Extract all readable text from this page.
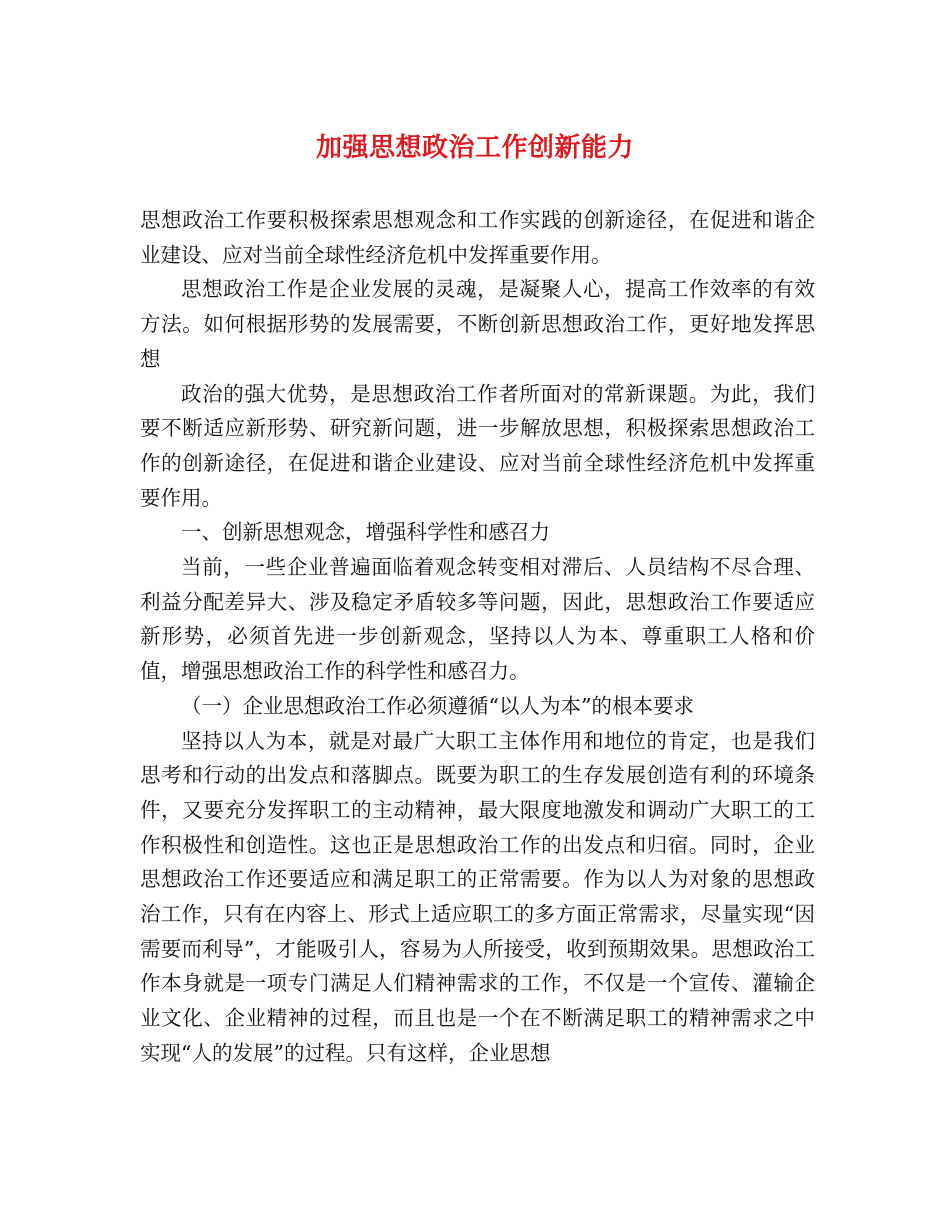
加强思想政治工作创新能力

思想政治工作要积极探索思想观念和工作实践的创新途径，在促进和谐企业建设、应对当前全球性经济危机中发挥重要作用。

思想政治工作是企业发展的灵魂，是凝聚人心，提高工作效率的有效方法。如何根据形势的发展需要，不断创新思想政治工作，更好地发挥思想

政治的强大优势，是思想政治工作者所面对的常新课题。为此，我们要不断适应新形势、研究新问题，进一步解放思想，积极探索思想政治工作的创新途径，在促进和谐企业建设、应对当前全球性经济危机中发挥重要作用。

一、创新思想观念，增强科学性和感召力

当前，一些企业普遍面临着观念转变相对滞后、人员结构不尽合理、利益分配差异大、涉及稳定矛盾较多等问题，因此，思想政治工作要适应新形势，必须首先进一步创新观念，坚持以人为本、尊重职工人格和价值，增强思想政治工作的科学性和感召力。

（一）企业思想政治工作必须遵循“以人为本”的根本要求

坚持以人为本，就是对最广大职工主体作用和地位的肯定，也是我们思考和行动的出发点和落脚点。既要为职工的生存发展创造有利的环境条件，又要充分发挥职工的主动精神，最大限度地激发和调动广大职工的工作积极性和创造性。这也正是思想政治工作的出发点和归宿。同时，企业思想政治工作还要适应和满足职工的正常需要。作为以人为对象的思想政治工作，只有在内容上、形式上适应职工的多方面正常需求，尽量实现“因需要而利导”，才能吸引人，容易为人所接受，收到预期效果。思想政治工作本身就是一项专门满足人们精神需求的工作，不仅是一个宣传、灌输企业文化、企业精神的过程，而且也是一个在不断满足职工的精神需求之中实现“人的发展”的过程。只有这样，企业思想
